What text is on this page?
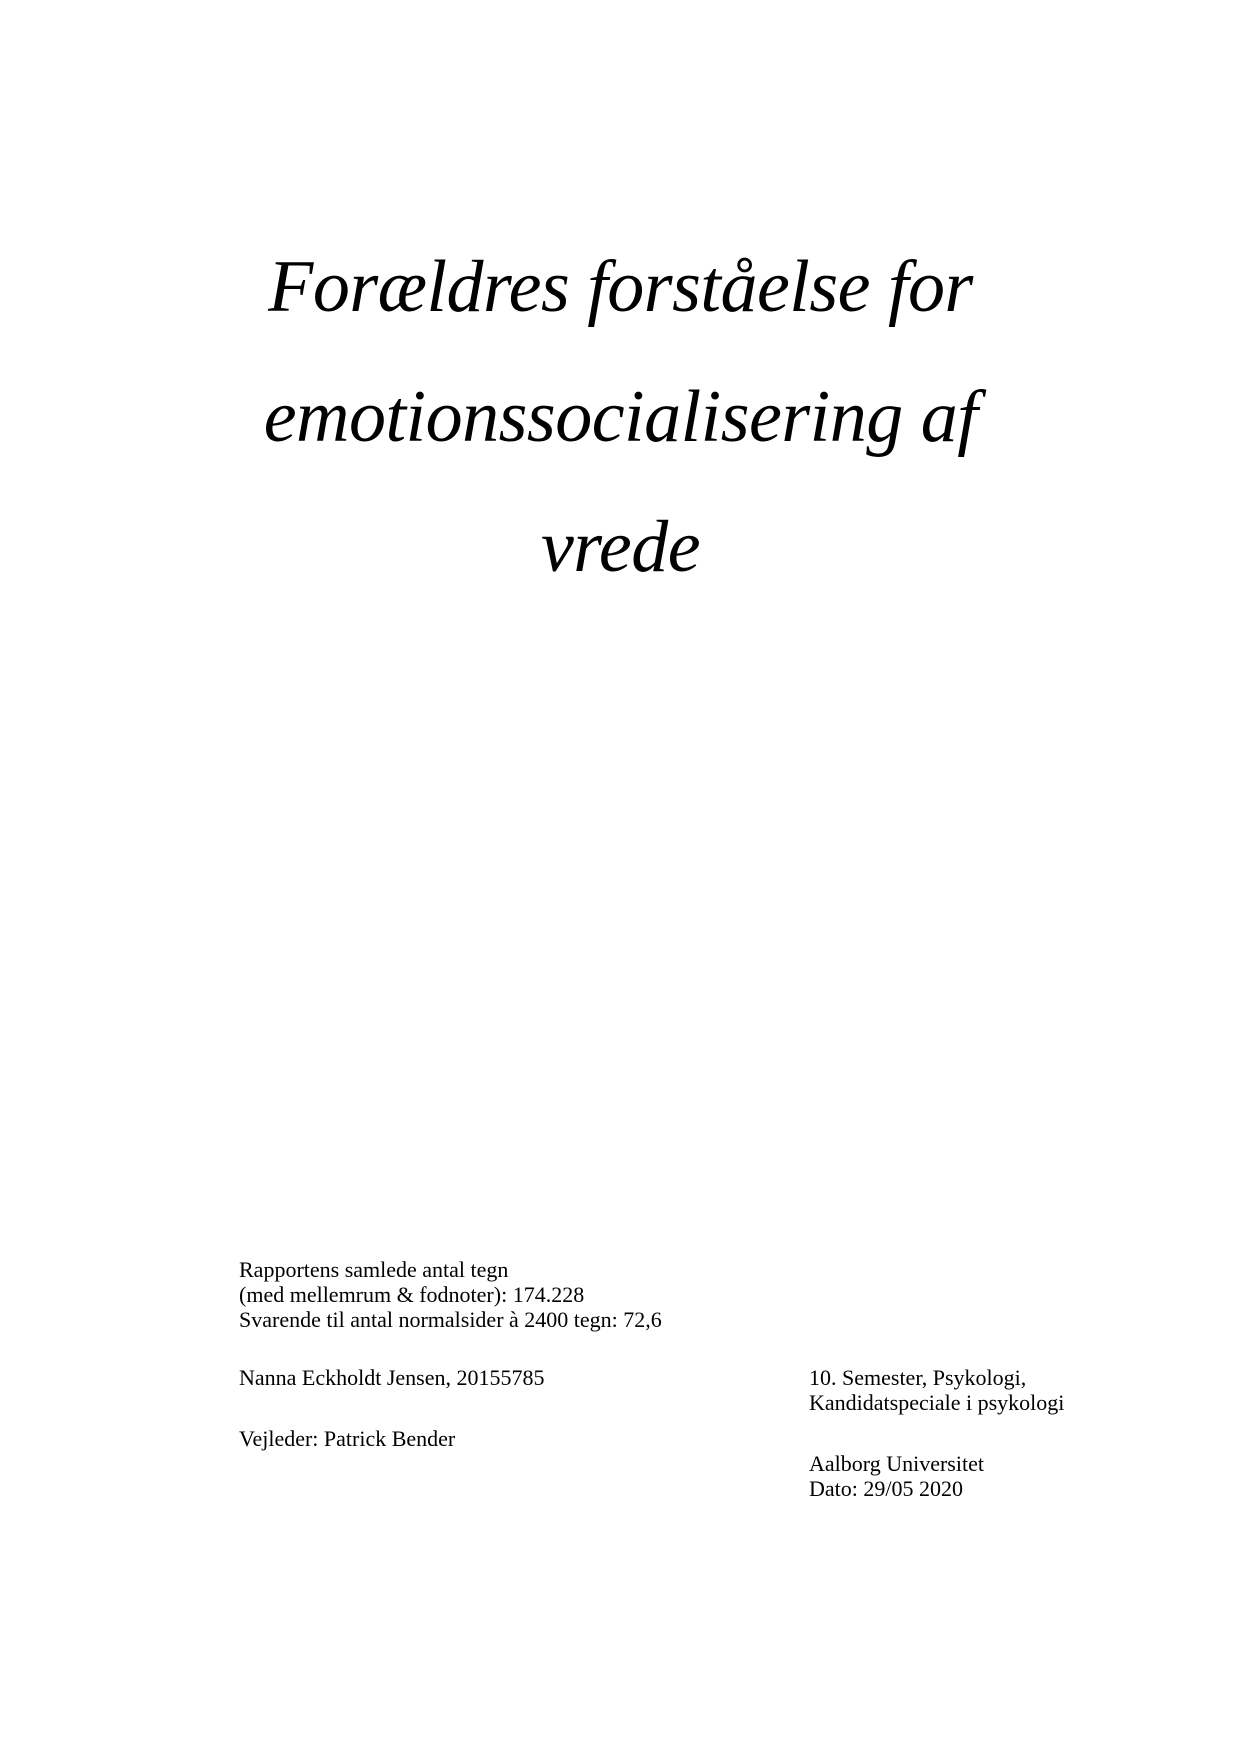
Forældres forståelse for
emotionssocialisering af
vrede
Rapportens samlede antal tegn
(med mellemrum & fodnoter): 174.228
Svarende til antal normalsider à 2400 tegn: 72,6
Nanna Eckholdt Jensen, 20155785
Vejleder: Patrick Bender
10. Semester, Psykologi,
Kandidatspeciale i psykologi
Aalborg Universitet
Dato: 29/05 2020
